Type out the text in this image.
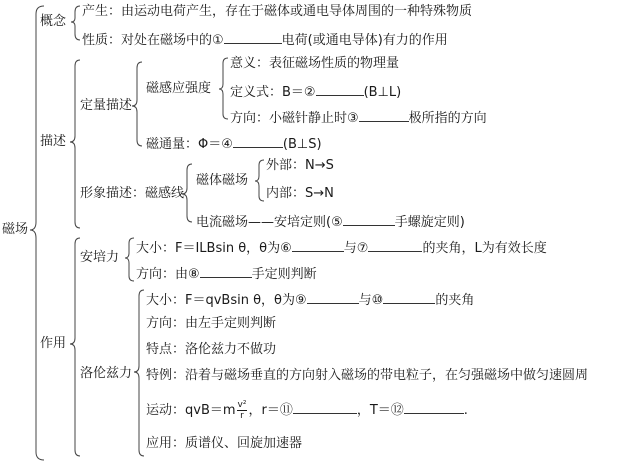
磁场
概念
产生：由运动电荷产生，存在于磁体或通电导体周围的一种特殊物质
性质：对处在磁场中的①	电荷(或通电导体)有力的作用
描述
定量描述
磁感应强度
意义：表征磁场性质的物理量
定义式：B＝②	(B⊥L)
方向：小磁针静止时③	极所指的方向
磁通量：Φ＝④	(B⊥S)
形象描述：磁感线
磁体磁场
外部：N→S
内部：S→N
电流磁场——安培定则(⑤	手螺旋定则)
作用
安培力
大小：F＝ILBsin θ，θ为⑥	与⑦	的夹角，L为有效长度
方向：由⑧	手定则判断
洛伦兹力
大小：F＝qvBsin θ，θ为⑨	与⑩	的夹角
方向：由左手定则判断
特点：洛伦兹力不做功
特例：沿着与磁场垂直的方向射入磁场的带电粒子，在匀强磁场中做匀速圆周
运动：$qvB=m \frac{\text{v²}}{r}$ ，r＝⑪	，T＝⑫	.
应用：质谱仪、回旋加速器
